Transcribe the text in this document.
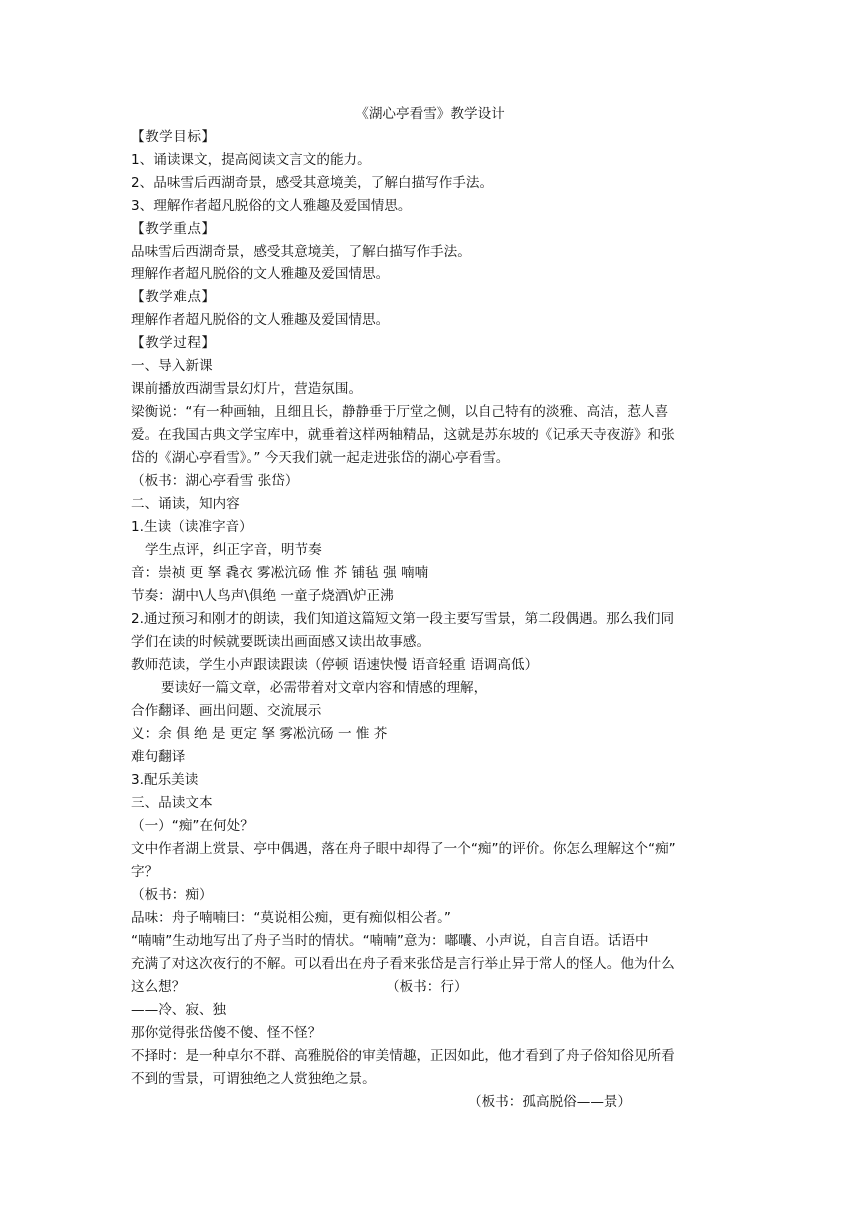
《湖心亭看雪》教学设计
【教学目标】
1、诵读课文，提高阅读文言文的能力。
2、品味雪后西湖奇景，感受其意境美，了解白描写作手法。
3、理解作者超凡脱俗的文人雅趣及爱国情思。
【教学重点】
品味雪后西湖奇景，感受其意境美，了解白描写作手法。
理解作者超凡脱俗的文人雅趣及爱国情思。
【教学难点】
理解作者超凡脱俗的文人雅趣及爱国情思。
【教学过程】
一、导入新课
课前播放西湖雪景幻灯片，营造氛围。
梁衡说：“有一种画轴，且细且长，静静垂于厅堂之侧，以自己特有的淡雅、高洁，惹人喜
爱。在我国古典文学宝库中，就垂着这样两轴精品，这就是苏东坡的《记承天寺夜游》和张
岱的《湖心亭看雪》。” 今天我们就一起走进张岱的湖心亭看雪。
（板书：湖心亭看雪 张岱）
二、诵读，知内容
1.生读（读准字音）
学生点评，纠正字音，明节奏
音：崇祯 更 拏 毳衣 雾凇沆砀 惟 芥 铺毡 强 喃喃
节奏：湖中\人鸟声\俱绝 一童子烧酒\炉正沸
2.通过预习和刚才的朗读，我们知道这篇短文第一段主要写雪景，第二段偶遇。那么我们同
学们在读的时候就要既读出画面感又读出故事感。
教师范读，学生小声跟读跟读（停顿 语速快慢 语音轻重 语调高低）
要读好一篇文章，必需带着对文章内容和情感的理解，
合作翻译、画出问题、交流展示
义：余 俱 绝 是 更定 拏 雾凇沆砀 一 惟 芥
难句翻译
3.配乐美读
三、品读文本
（一）“痴”在何处？
文中作者湖上赏景、亭中偶遇，落在舟子眼中却得了一个“痴”的评价。你怎么理解这个“痴”
字？
（板书：痴）
品味：舟子喃喃曰：“莫说相公痴，更有痴似相公者。”
“喃喃”生动地写出了舟子当时的情状。“喃喃”意为：嘟囔、小声说，自言自语。话语中
充满了对这次夜行的不解。可以看出在舟子看来张岱是言行举止异于常人的怪人。他为什么
这么想？	（板书：行）
——冷、寂、独
那你觉得张岱傻不傻、怪不怪？
不择时：是一种卓尔不群、高雅脱俗的审美情趣，正因如此，他才看到了舟子俗知俗见所看
不到的雪景，可谓独绝之人赏独绝之景。
（板书：孤高脱俗——景）
